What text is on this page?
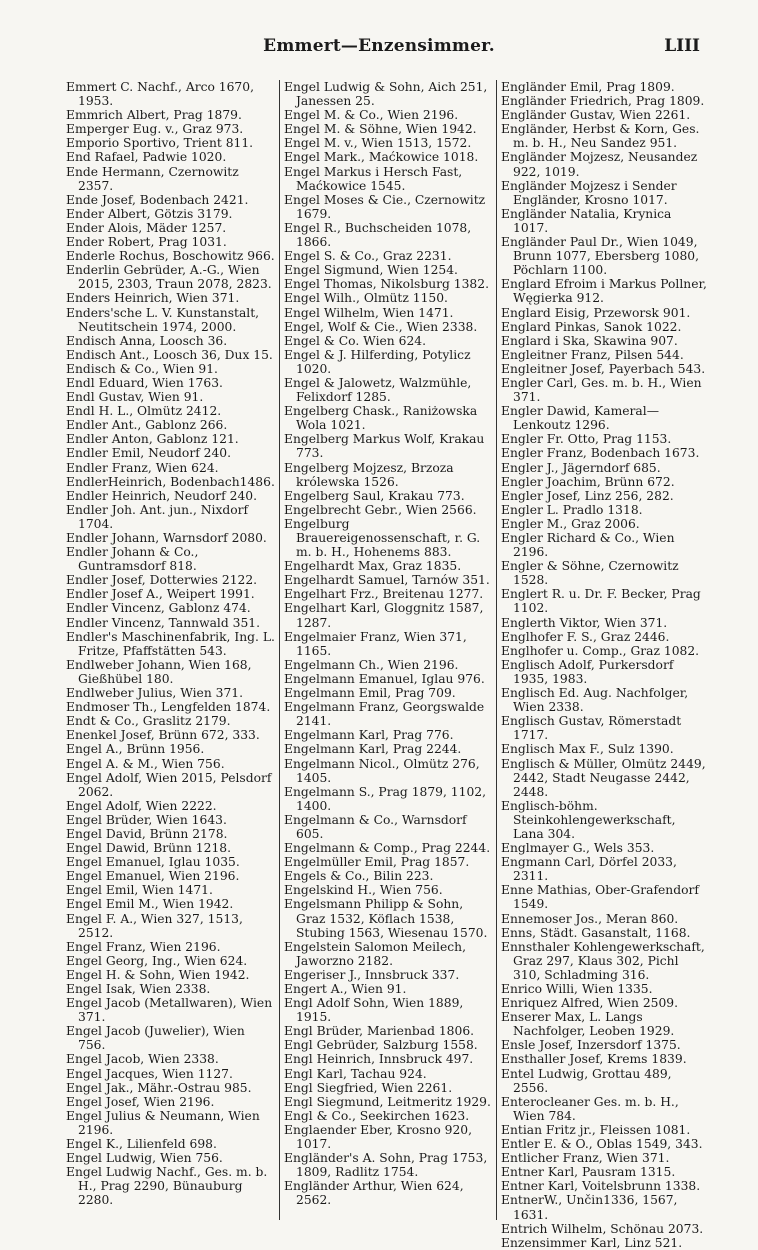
Emmert—Enzensimmer.	LIII
Emmert C. Nachf., Arco 1670, 1953.
Emmrich Albert, Prag 1879.
Emperger Eug. v., Graz 973.
Emporio Sportivo, Trient 811.
End Rafael, Padwie 1020.
Ende Hermann, Czernowitz 2357.
Ende Josef, Bodenbach 2421.
Ender Albert, Götzis 3179.
Ender Alois, Mäder 1257.
Ender Robert, Prag 1031.
Enderle Rochus, Boschowitz 966.
Enderlin Gebrüder, A.-G., Wien 2015, 2303, Traun 2078, 2823.
Enders Heinrich, Wien 371.
Enders'sche L. V. Kunstanstalt, Neutitschein 1974, 2000.
Endisch Anna, Loosch 36.
Endisch Ant., Loosch 36, Dux 15.
Endisch & Co., Wien 91.
Endl Eduard, Wien 1763.
Endl Gustav, Wien 91.
Endl H. L., Olmütz 2412.
Endler Ant., Gablonz 266.
Endler Anton, Gablonz 121.
Endler Emil, Neudorf 240.
Endler Franz, Wien 624.
EndlerHeinrich, Bodenbach1486.
Endler Heinrich, Neudorf 240.
Endler Joh. Ant. jun., Nixdorf 1704.
Endler Johann, Warnsdorf 2080.
Endler Johann & Co., Guntramsdorf 818.
Endler Josef, Dotterwies 2122.
Endler Josef A., Weipert 1991.
Endler Vincenz, Gablonz 474.
Endler Vincenz, Tannwald 351.
Endler's Maschinenfabrik, Ing. L. Fritze, Pfaffstätten 543.
Endlweber Johann, Wien 168, Gießhübel 180.
Endlweber Julius, Wien 371.
Endmoser Th., Lengfelden 1874.
Endt & Co., Graslitz 2179.
Enenkel Josef, Brünn 672, 333.
Engel A., Brünn 1956.
Engel A. & M., Wien 756.
Engel Adolf, Wien 2015, Pelsdorf 2062.
Engel Adolf, Wien 2222.
Engel Brüder, Wien 1643.
Engel David, Brünn 2178.
Engel Dawid, Brünn 1218.
Engel Emanuel, Iglau 1035.
Engel Emanuel, Wien 2196.
Engel Emil, Wien 1471.
Engel Emil M., Wien 1942.
Engel F. A., Wien 327, 1513, 2512.
Engel Franz, Wien 2196.
Engel Georg, Ing., Wien 624.
Engel H. & Sohn, Wien 1942.
Engel Isak, Wien 2338.
Engel Jacob (Metallwaren), Wien 371.
Engel Jacob (Juwelier), Wien 756.
Engel Jacob, Wien 2338.
Engel Jacques, Wien 1127.
Engel Jak., Mähr.-Ostrau 985.
Engel Josef, Wien 2196.
Engel Julius & Neumann, Wien 2196.
Engel K., Lilienfeld 698.
Engel Ludwig, Wien 756.
Engel Ludwig Nachf., Ges. m. b. H., Prag 2290, Bünauburg 2280.
Engel Ludwig & Sohn, Aich 251, Janessen 25.
Engel M. & Co., Wien 2196.
Engel M. & Söhne, Wien 1942.
Engel M. v., Wien 1513, 1572.
Engel Mark., Maćkowice 1018.
Engel Markus i Hersch Fast, Maćkowice 1545.
Engel Moses & Cie., Czernowitz 1679.
Engel R., Buchscheiden 1078, 1866.
Engel S. & Co., Graz 2231.
Engel Sigmund, Wien 1254.
Engel Thomas, Nikolsburg 1382.
Engel Wilh., Olmütz 1150.
Engel Wilhelm, Wien 1471.
Engel, Wolf & Cie., Wien 2338.
Engel & Co. Wien 624.
Engel & J. Hilferding, Potylicz 1020.
Engel & Jalowetz, Walzmühle, Felixdorf 1285.
Engelberg Chask., Raniżowska Wola 1021.
Engelberg Markus Wolf, Krakau 773.
Engelberg Mojzesz, Brzoza królewska 1526.
Engelberg Saul, Krakau 773.
Engelbrecht Gebr., Wien 2566.
Engelburg Brauereigenossenschaft, r. G. m. b. H., Hohenems 883.
Engelhardt Max, Graz 1835.
Engelhardt Samuel, Tarnów 351.
Engelhart Frz., Breitenau 1277.
Engelhart Karl, Gloggnitz 1587, 1287.
Engelmaier Franz, Wien 371, 1165.
Engelmann Ch., Wien 2196.
Engelmann Emanuel, Iglau 976.
Engelmann Emil, Prag 709.
Engelmann Franz, Georgswalde 2141.
Engelmann Karl, Prag 776.
Engelmann Karl, Prag 2244.
Engelmann Nicol., Olmütz 276, 1405.
Engelmann S., Prag 1879, 1102, 1400.
Engelmann & Co., Warnsdorf 605.
Engelmann & Comp., Prag 2244.
Engelmüller Emil, Prag 1857.
Engels & Co., Bilin 223.
Engelskind H., Wien 756.
Engelsmann Philipp & Sohn, Graz 1532, Köflach 1538, Stubing 1563, Wiesenau 1570.
Engelstein Salomon Meilech, Jaworzno 2182.
Engeriser J., Innsbruck 337.
Engert A., Wien 91.
Engl Adolf Sohn, Wien 1889, 1915.
Engl Brüder, Marienbad 1806.
Engl Gebrüder, Salzburg 1558.
Engl Heinrich, Innsbruck 497.
Engl Karl, Tachau 924.
Engl Siegfried, Wien 2261.
Engl Siegmund, Leitmeritz 1929.
Engl & Co., Seekirchen 1623.
Englaender Eber, Krosno 920, 1017.
Engländer's A. Sohn, Prag 1753, 1809, Radlitz 1754.
Engländer Arthur, Wien 624, 2562.
Engländer Emil, Prag 1809.
Engländer Friedrich, Prag 1809.
Engländer Gustav, Wien 2261.
Engländer, Herbst & Korn, Ges. m. b. H., Neu Sandez 951.
Engländer Mojzesz, Neusandez 922, 1019.
Engländer Mojzesz i Sender Engländer, Krosno 1017.
Engländer Natalia, Krynica 1017.
Engländer Paul Dr., Wien 1049, Brunn 1077, Ebersberg 1080, Pöchlarn 1100.
Englard Efroim i Markus Pollner, Węgierka 912.
Englard Eisig, Przeworsk 901.
Englard Pinkas, Sanok 1022.
Englard i Ska, Skawina 907.
Engleitner Franz, Pilsen 544.
Engleitner Josef, Payerbach 543.
Engler Carl, Ges. m. b. H., Wien 371.
Engler Dawid, Kameral—Lenkoutz 1296.
Engler Fr. Otto, Prag 1153.
Engler Franz, Bodenbach 1673.
Engler J., Jägerndorf 685.
Engler Joachim, Brünn 672.
Engler Josef, Linz 256, 282.
Engler L. Pradlo 1318.
Engler M., Graz 2006.
Engler Richard & Co., Wien 2196.
Engler & Söhne, Czernowitz 1528.
Englert R. u. Dr. F. Becker, Prag 1102.
Englerth Viktor, Wien 371.
Englhofer F. S., Graz 2446.
Englhofer u. Comp., Graz 1082.
Englisch Adolf, Purkersdorf 1935, 1983.
Englisch Ed. Aug. Nachfolger, Wien 2338.
Englisch Gustav, Römerstadt 1717.
Englisch Max F., Sulz 1390.
Englisch & Müller, Olmütz 2449, 2442, Stadt Neugasse 2442, 2448.
Englisch-böhm. Steinkohlengewerkschaft, Lana 304.
Englmayer G., Wels 353.
Engmann Carl, Dörfel 2033, 2311.
Enne Mathias, Ober-Grafendorf 1549.
Ennemoser Jos., Meran 860.
Enns, Städt. Gasanstalt, 1168.
Ennsthaler Kohlengewerkschaft, Graz 297, Klaus 302, Pichl 310, Schladming 316.
Enrico Willi, Wien 1335.
Enriquez Alfred, Wien 2509.
Enserer Max, L. Langs Nachfolger, Leoben 1929.
Ensle Josef, Inzersdorf 1375.
Ensthaller Josef, Krems 1839.
Entel Ludwig, Grottau 489, 2556.
Enterocleaner Ges. m. b. H., Wien 784.
Entian Fritz jr., Fleissen 1081.
Entler E. & O., Oblas 1549, 343.
Entlicher Franz, Wien 371.
Entner Karl, Pausram 1315.
Entner Karl, Voitelsbrunn 1338.
EntnerW., Unčin1336, 1567, 1631.
Entrich Wilhelm, Schönau 2073.
Enzensimmer Karl, Linz 521.
